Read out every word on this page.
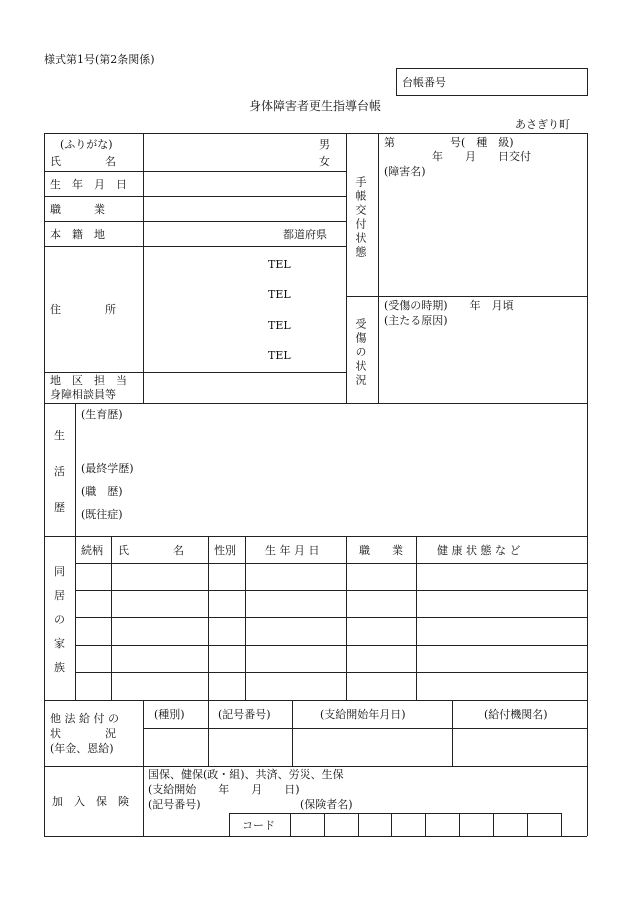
様式第1号(第2条関係)
台帳番号
身体障害者更生指導台帳
あさぎり町
(ふりがな)
氏　　　　名
男
女
生　年　月　日
職　　　業
本　籍　地	都道府県
住　　　　所
TEL
TEL
TEL
TEL
地　区　担　当
身障相談員等
手帳交付状態
第　　　　　号(　種　級)
年　　月　　日交付
(障害名)
受傷の状況
(受傷の時期)　　年　月頃
(主たる原因)
生
活
歴
(生育歴)
(最終学歴)
(職　歴)
(既往症)
同
居
の
家
族
続柄 氏　　　　名	性別	生 年 月 日	職　　業	健 康 状 態 な ど
他 法 給 付 の
状　　　　況
(年金、恩給)
(種別)	(記号番号)	(支給開始年月日)	(給付機関名)
加　入　保　険
国保、健保(政・組)、共済、労災、生保
(支給開始　　年　　月　　日)
(記号番号)	(保険者名)
コード
